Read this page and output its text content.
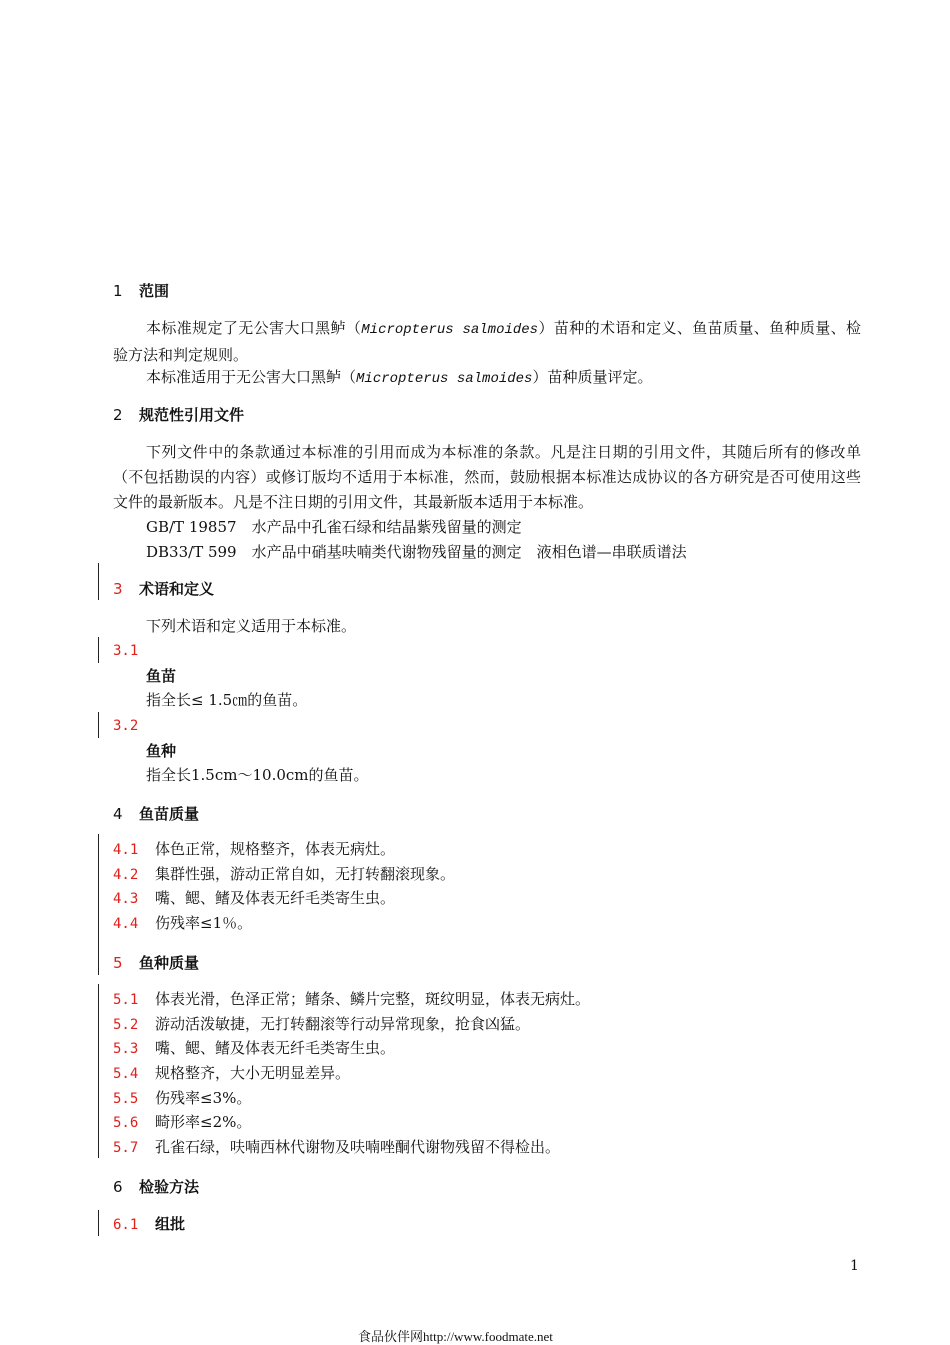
1 范围
本标准规定了无公害大口黑鲈（Micropterus salmoides）苗种的术语和定义、鱼苗质量、鱼种质量、检验方法和判定规则。
本标准适用于无公害大口黑鲈（Micropterus salmoides）苗种质量评定。
2 规范性引用文件
下列文件中的条款通过本标准的引用而成为本标准的条款。凡是注日期的引用文件，其随后所有的修改单（不包括勘误的内容）或修订版均不适用于本标准，然而，鼓励根据本标准达成协议的各方研究是否可使用这些文件的最新版本。凡是不注日期的引用文件，其最新版本适用于本标准。
GB/T 19857　 水产品中孔雀石绿和结晶紫残留量的测定
DB33/T 599　 水产品中硝基呋喃类代谢物残留量的测定　液相色谱—串联质谱法
3 术语和定义
下列术语和定义适用于本标准。
3.1
鱼苗
指全长≤ 1.5㎝的鱼苗。
3.2
鱼种
指全长1.5cm～10.0cm的鱼苗。
4 鱼苗质量
4.1 体色正常，规格整齐，体表无病灶。
4.2 集群性强，游动正常自如，无打转翻滚现象。
4.3 嘴、鳃、鳍及体表无纤毛类寄生虫。
4.4 伤残率≤1％。
5 鱼种质量
5.1 体表光滑，色泽正常；鳍条、鳞片完整，斑纹明显，体表无病灶。
5.2 游动活泼敏捷，无打转翻滚等行动异常现象，抢食凶猛。
5.3 嘴、鳃、鳍及体表无纤毛类寄生虫。
5.4 规格整齐，大小无明显差异。
5.5 伤残率≤3%。
5.6 畸形率≤2%。
5.7 孔雀石绿，呋喃西林代谢物及呋喃唑酮代谢物残留不得检出。
6 检验方法
6.1 组批
1
食品伙伴网http://www.foodmate.net
